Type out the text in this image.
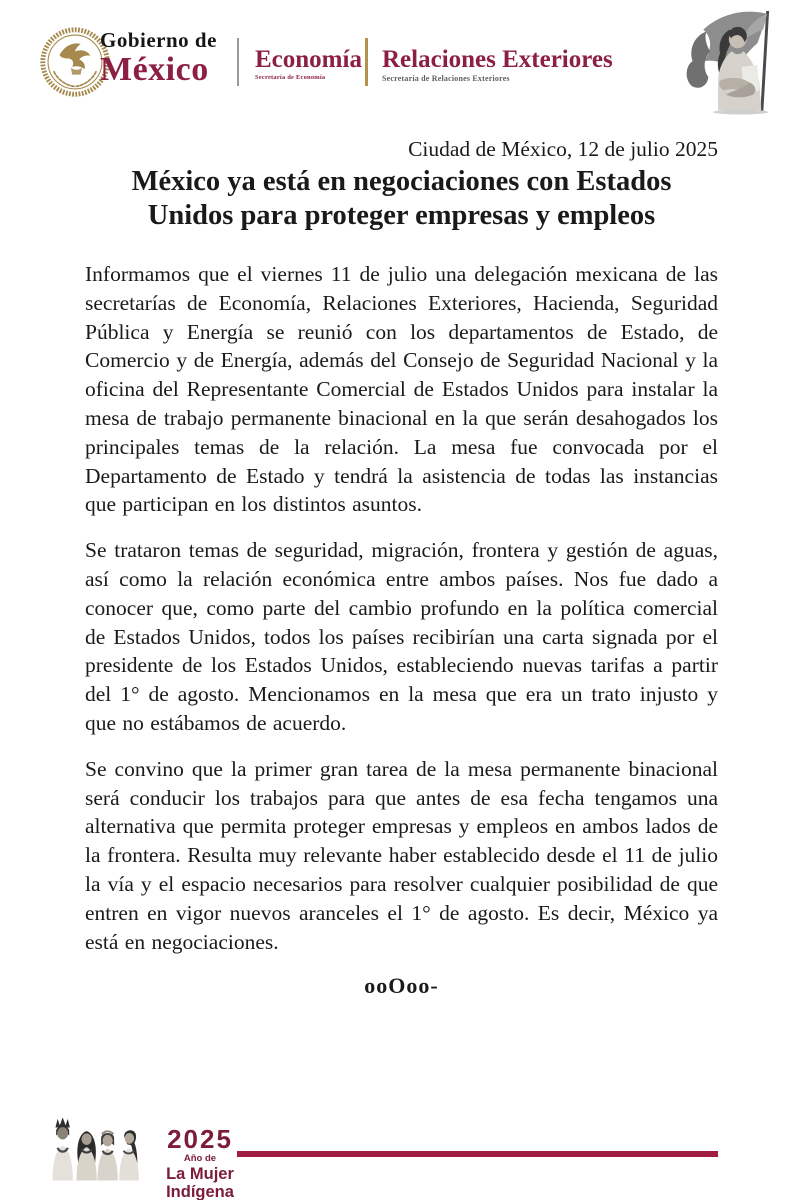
Gobierno de
México	Economía
Secretaría de Economía
Relaciones Exteriores
Secretaría de Relaciones Exteriores
Ciudad de México, 12 de julio 2025
México ya está en negociaciones con Estados
Unidos para proteger empresas y empleos

Informamos que el viernes 11 de julio una delegación mexicana de las secretarías de Economía, Relaciones Exteriores, Hacienda, Seguridad Pública y Energía se reunió con los departamentos de Estado, de Comercio y de Energía, además del Consejo de Seguridad Nacional y la oficina del Representante Comercial de Estados Unidos para instalar la mesa de trabajo permanente binacional en la que serán desahogados los principales temas de la relación. La mesa fue convocada por el Departamento de Estado y tendrá la asistencia de todas las instancias que participan en los distintos asuntos.

Se trataron temas de seguridad, migración, frontera y gestión de aguas, así como la relación económica entre ambos países. Nos fue dado a conocer que, como parte del cambio profundo en la política comercial de Estados Unidos, todos los países recibirían una carta signada por el presidente de los Estados Unidos, estableciendo nuevas tarifas a partir del 1° de agosto. Mencionamos en la mesa que era un trato injusto y que no estábamos de acuerdo.

Se convino que la primer gran tarea de la mesa permanente binacional será conducir los trabajos para que antes de esa fecha tengamos una alternativa que permita proteger empresas y empleos en ambos lados de la frontera. Resulta muy relevante haber establecido desde el 11 de julio la vía y el espacio necesarios para resolver cualquier posibilidad de que entren en vigor nuevos aranceles el 1° de agosto. Es decir, México ya está en negociaciones.

ooOoo-
2025
Año de
La Mujer
Indígena
